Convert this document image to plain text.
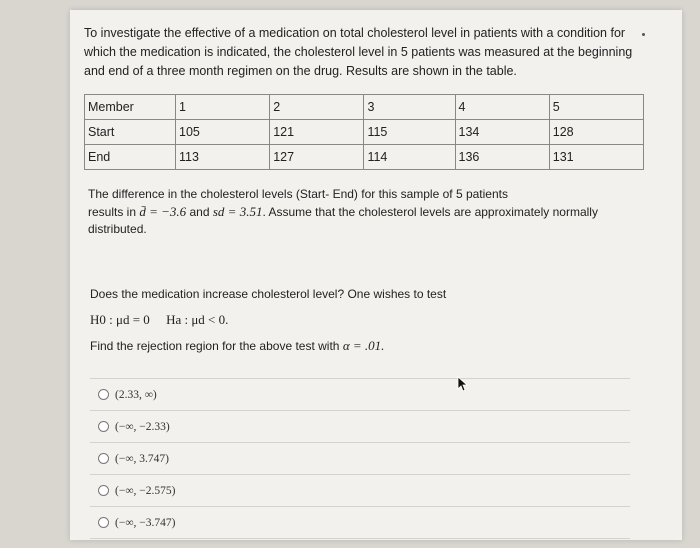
To investigate the effective of a medication on total cholesterol level in patients with a condition for which the medication is indicated, the cholesterol level in 5 patients was measured at the beginning and end of a three month regimen on the drug. Results are shown in the table.
Member	1	2	3	4	5
Start	105	121	115	134	128
End	113	127	114	136	131
The difference in the cholesterol levels (Start- End) for this sample of 5 patients
results in d̄ = −3.6 and sd = 3.51. Assume that the cholesterol levels are approximately normally distributed.
Does the medication increase cholesterol level? One wishes to test
H0 : μd = 0 Ha : μd < 0.
Find the rejection region for the above test with α = .01.
(2.33, ∞)
(−∞, −2.33)
(−∞, 3.747)
(−∞, −2.575)
(−∞, −3.747)
